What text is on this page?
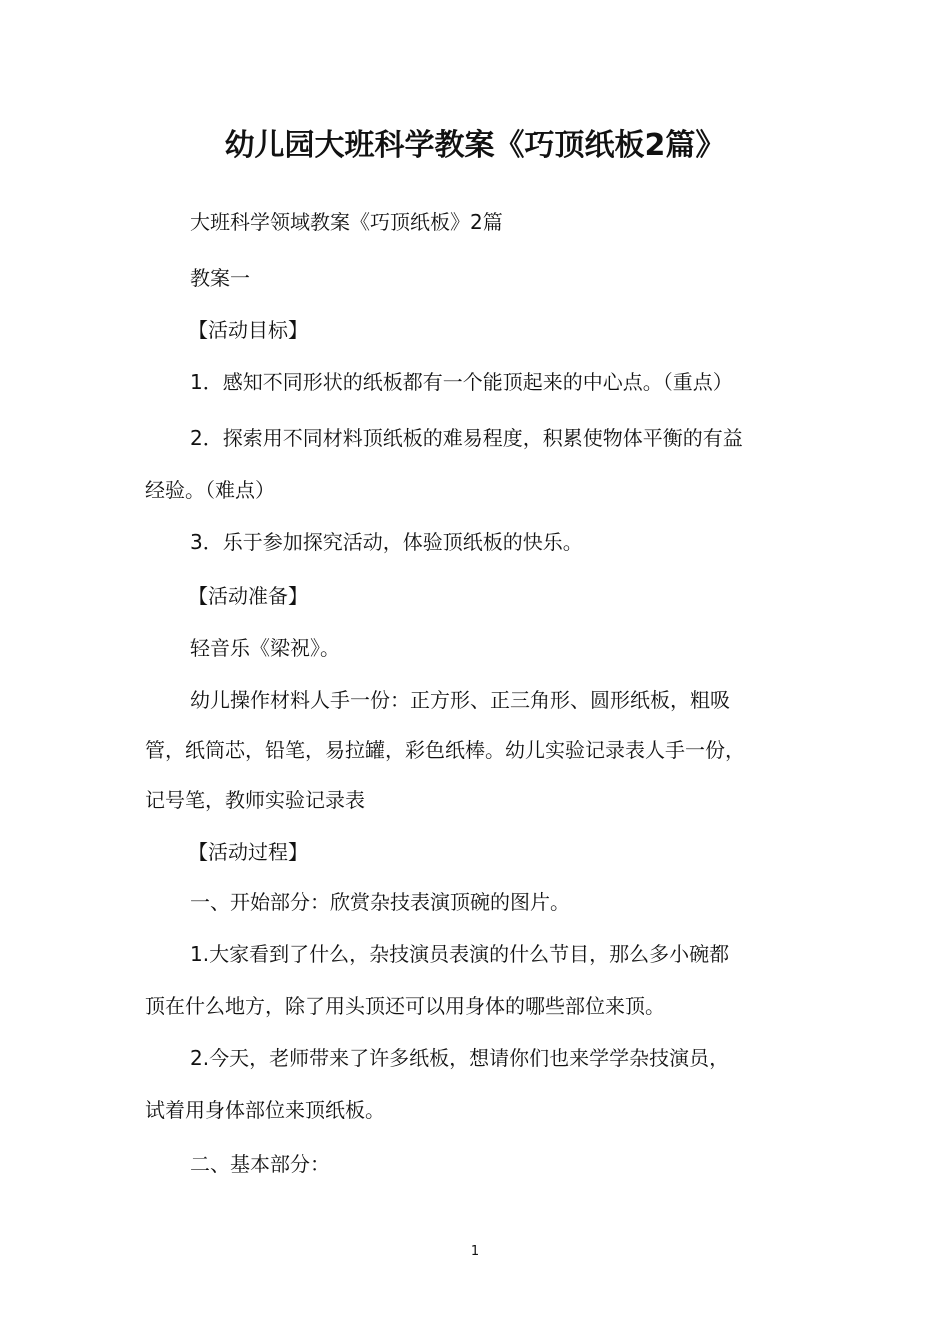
幼儿园大班科学教案《巧顶纸板2篇》

大班科学领域教案《巧顶纸板》2篇

教案一

【活动目标】

1．感知不同形状的纸板都有一个能顶起来的中心点。（重点）

2．探索用不同材料顶纸板的难易程度，积累使物体平衡的有益

经验。（难点）

3．乐于参加探究活动，体验顶纸板的快乐。

【活动准备】

轻音乐《梁祝》。

幼儿操作材料人手一份：正方形、正三角形、圆形纸板，粗吸

管，纸筒芯，铅笔，易拉罐，彩色纸棒。幼儿实验记录表人手一份，

记号笔，教师实验记录表

【活动过程】

一、开始部分：欣赏杂技表演顶碗的图片。

1.大家看到了什么，杂技演员表演的什么节目，那么多小碗都

顶在什么地方，除了用头顶还可以用身体的哪些部位来顶。

2.今天，老师带来了许多纸板，想请你们也来学学杂技演员，

试着用身体部位来顶纸板。

二、基本部分：

1
